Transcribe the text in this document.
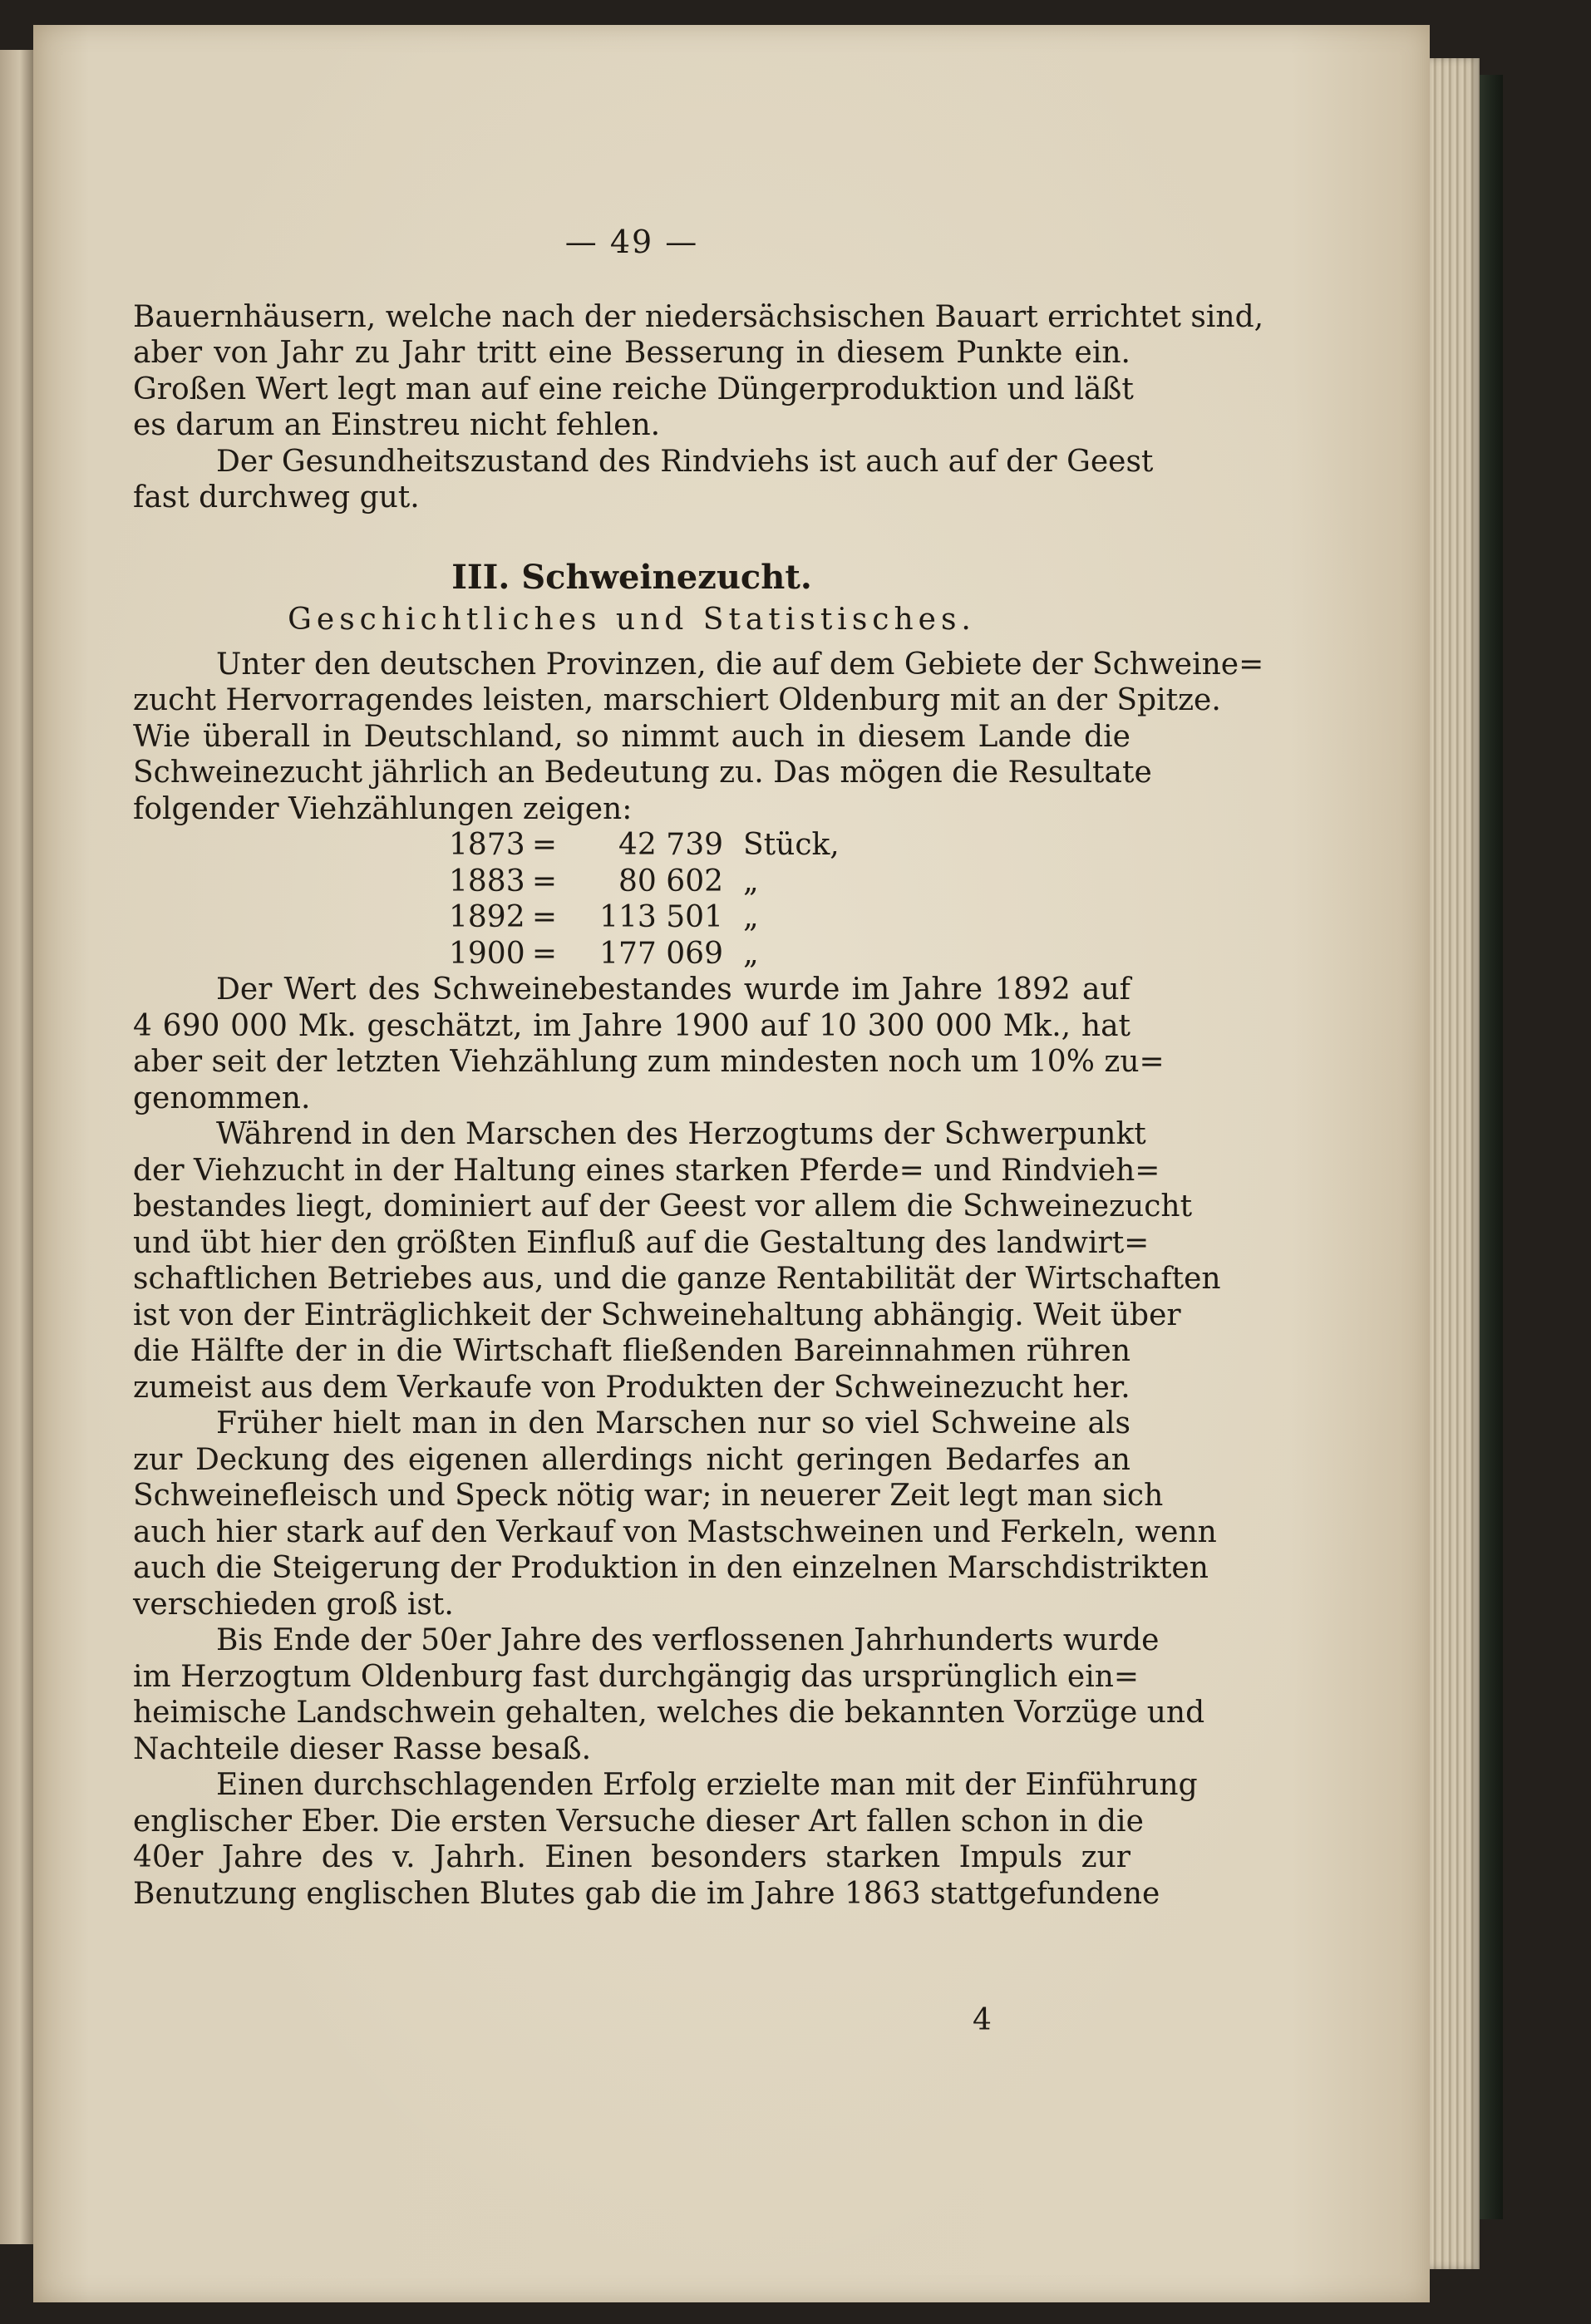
— 49 —
Bauernhäusern, welche nach der niedersächsischen Bauart errichtet sind,
aber von Jahr zu Jahr tritt eine Besserung in diesem Punkte ein.
Großen Wert legt man auf eine reiche Düngerproduktion und läßt
es darum an Einstreu nicht fehlen.
Der Gesundheitszustand des Rindviehs ist auch auf der Geest
fast durchweg gut.
III. Schweinezucht.
Geschichtliches und Statistisches.
Unter den deutschen Provinzen, die auf dem Gebiete der Schweine=
zucht Hervorragendes leisten, marschiert Oldenburg mit an der Spitze.
Wie überall in Deutschland, so nimmt auch in diesem Lande die
Schweinezucht jährlich an Bedeutung zu. Das mögen die Resultate
folgender Viehzählungen zeigen:
1873 =	42 739 Stück,
1883 =	80 602 „
1892 =	113 501 „
1900 =	177 069 „
Der Wert des Schweinebestandes wurde im Jahre 1892 auf
4 690 000 Mk. geschätzt, im Jahre 1900 auf 10 300 000 Mk., hat
aber seit der letzten Viehzählung zum mindesten noch um 10% zu=
genommen.
Während in den Marschen des Herzogtums der Schwerpunkt
der Viehzucht in der Haltung eines starken Pferde= und Rindvieh=
bestandes liegt, dominiert auf der Geest vor allem die Schweinezucht
und übt hier den größten Einfluß auf die Gestaltung des landwirt=
schaftlichen Betriebes aus, und die ganze Rentabilität der Wirtschaften
ist von der Einträglichkeit der Schweinehaltung abhängig. Weit über
die Hälfte der in die Wirtschaft fließenden Bareinnahmen rühren
zumeist aus dem Verkaufe von Produkten der Schweinezucht her.
Früher hielt man in den Marschen nur so viel Schweine als
zur Deckung des eigenen allerdings nicht geringen Bedarfes an
Schweinefleisch und Speck nötig war; in neuerer Zeit legt man sich
auch hier stark auf den Verkauf von Mastschweinen und Ferkeln, wenn
auch die Steigerung der Produktion in den einzelnen Marschdistrikten
verschieden groß ist.
Bis Ende der 50er Jahre des verflossenen Jahrhunderts wurde
im Herzogtum Oldenburg fast durchgängig das ursprünglich ein=
heimische Landschwein gehalten, welches die bekannten Vorzüge und
Nachteile dieser Rasse besaß.
Einen durchschlagenden Erfolg erzielte man mit der Einführung
englischer Eber. Die ersten Versuche dieser Art fallen schon in die
40er Jahre des v. Jahrh. Einen besonders starken Impuls zur
Benutzung englischen Blutes gab die im Jahre 1863 stattgefundene
4
